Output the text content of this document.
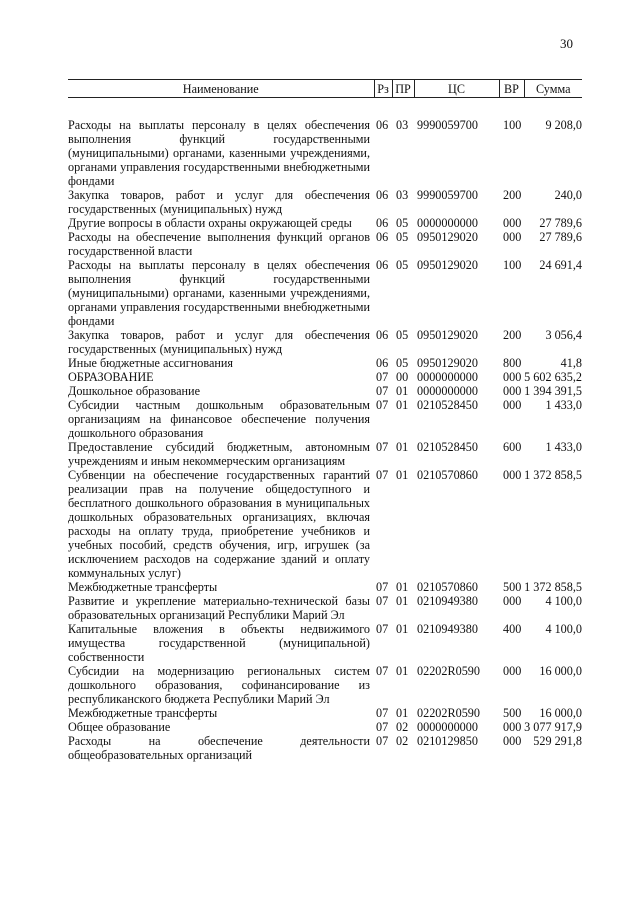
30
Наименование	Рз	ПР	ЦС	ВР	Сумма

Расходы на выплаты персоналу в целях обеспечения выполнения функций государственными (муниципальными) органами, казенными учреждениями, органами управления государственными внебюджетными фондами	06	03	9990059700	100	9 208,0
Закупка товаров, работ и услуг для обеспечения государственных (муниципальных) нужд	06	03	9990059700	200	240,0
Другие вопросы в области охраны окружающей среды	06	05	0000000000	000	27 789,6
Расходы на обеспечение выполнения функций органов государственной власти	06	05	0950129020	000	27 789,6
Расходы на выплаты персоналу в целях обеспечения выполнения функций государственными (муниципальными) органами, казенными учреждениями, органами управления государственными внебюджетными фондами	06	05	0950129020	100	24 691,4
Закупка товаров, работ и услуг для обеспечения государственных (муниципальных) нужд	06	05	0950129020	200	3 056,4
Иные бюджетные ассигнования	06	05	0950129020	800	41,8
ОБРАЗОВАНИЕ	07	00	0000000000	000	5 602 635,2
Дошкольное образование	07	01	0000000000	000	1 394 391,5
Субсидии частным дошкольным образовательным организациям на финансовое обеспечение получения дошкольного образования	07	01	0210528450	000	1 433,0
Предоставление субсидий бюджетным, автономным учреждениям и иным некоммерческим организациям	07	01	0210528450	600	1 433,0
Субвенции на обеспечение государственных гарантий реализации прав на получение общедоступного и бесплатного дошкольного образования в муниципальных дошкольных образовательных организациях, включая расходы на оплату труда, приобретение учебников и учебных пособий, средств обучения, игр, игрушек (за исключением расходов на содержание зданий и оплату коммунальных услуг)	07	01	0210570860	000	1 372 858,5
Межбюджетные трансферты	07	01	0210570860	500	1 372 858,5
Развитие и укрепление материально-технической базы образовательных организаций Республики Марий Эл	07	01	0210949380	000	4 100,0
Капитальные вложения в объекты недвижимого имущества государственной (муниципальной) собственности	07	01	0210949380	400	4 100,0
Субсидии на модернизацию региональных систем дошкольного образования, софинансирование из республиканского бюджета Республики Марий Эл	07	01	02202R0590	000	16 000,0
Межбюджетные трансферты	07	01	02202R0590	500	16 000,0
Общее образование	07	02	0000000000	000	3 077 917,9
Расходы на обеспечение деятельности общеобразовательных организаций	07	02	0210129850	000	529 291,8
